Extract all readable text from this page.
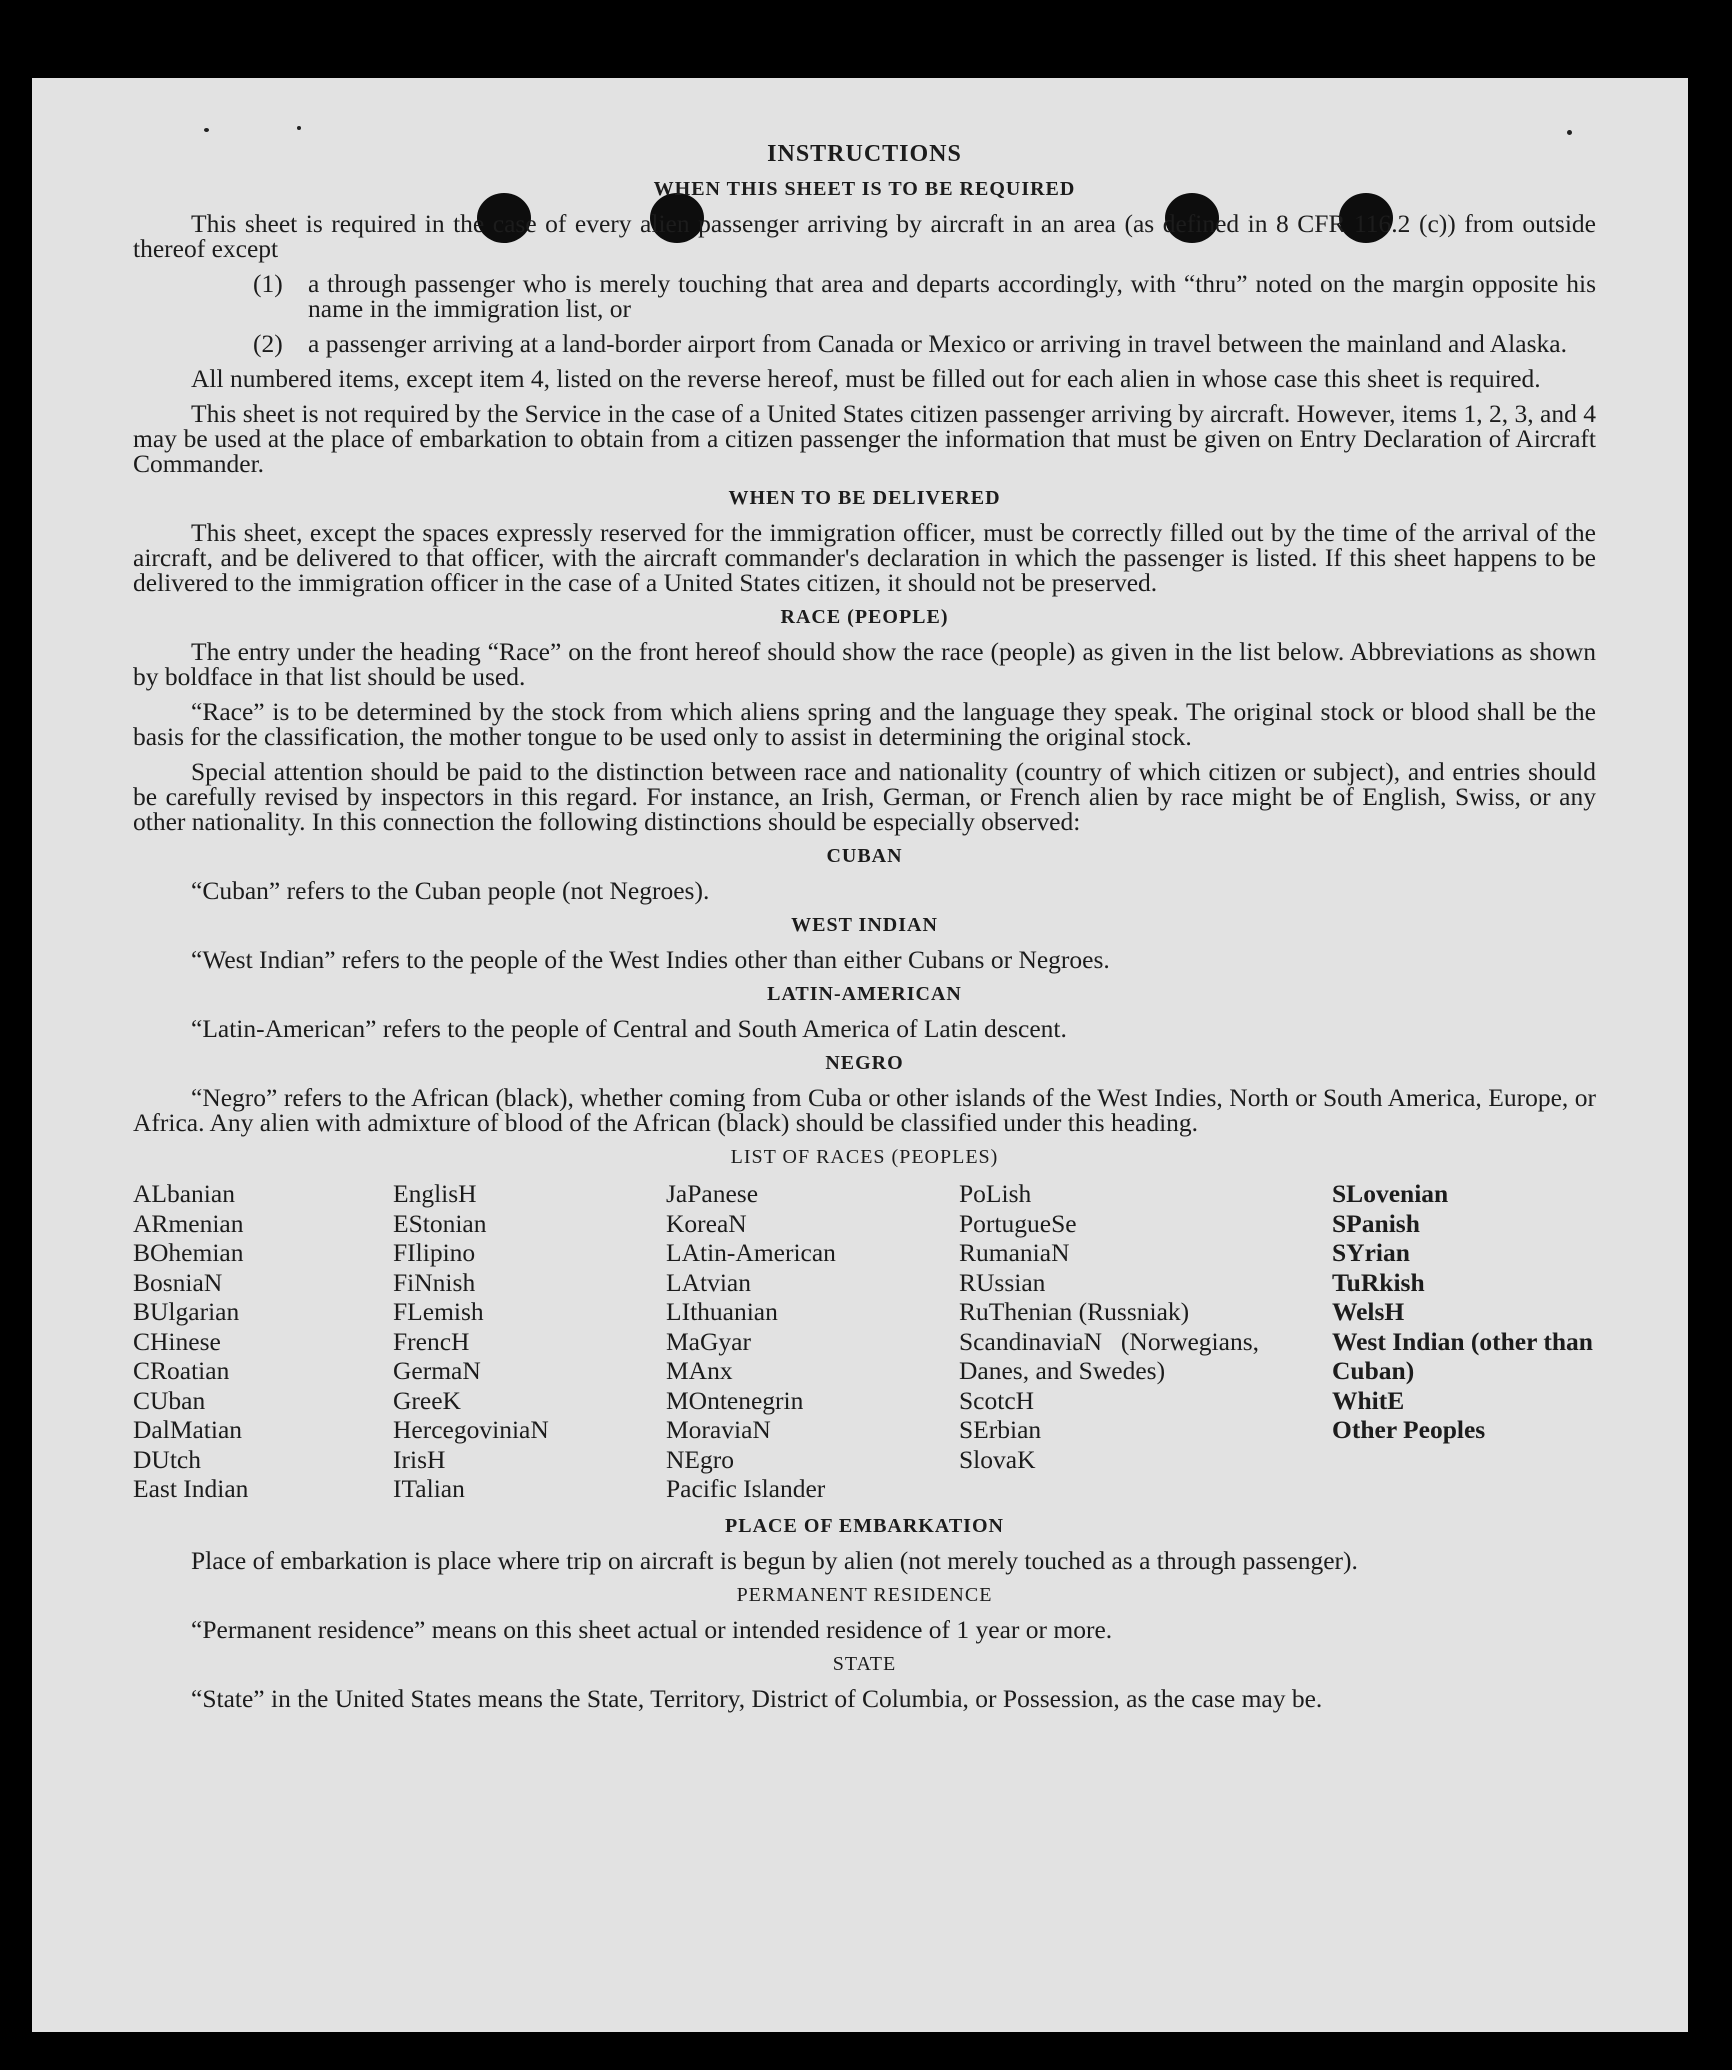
INSTRUCTIONS
WHEN THIS SHEET IS TO BE REQUIRED

This sheet is required in the case of every alien passenger arriving by aircraft in an area (as defined in 8 CFR 116.2 (c)) from outside thereof except

(1) a through passenger who is merely touching that area and departs accordingly, with “thru” noted on the margin opposite his name in the immigration list, or
(2) a passenger arriving at a land-border airport from Canada or Mexico or arriving in travel between the mainland and Alaska.

All numbered items, except item 4, listed on the reverse hereof, must be filled out for each alien in whose case this sheet is required.

This sheet is not required by the Service in the case of a United States citizen passenger arriving by aircraft. However, items 1, 2, 3, and 4 may be used at the place of embarkation to obtain from a citizen passenger the information that must be given on Entry Declaration of Aircraft Commander.

WHEN TO BE DELIVERED

This sheet, except the spaces expressly reserved for the immigration officer, must be correctly filled out by the time of the arrival of the aircraft, and be delivered to that officer, with the aircraft commander's declaration in which the passenger is listed. If this sheet happens to be delivered to the immigration officer in the case of a United States citizen, it should not be preserved.

RACE (PEOPLE)

The entry under the heading “Race” on the front hereof should show the race (people) as given in the list below. Abbreviations as shown by boldface in that list should be used.

“Race” is to be determined by the stock from which aliens spring and the language they speak. The original stock or blood shall be the basis for the classification, the mother tongue to be used only to assist in determining the original stock.

Special attention should be paid to the distinction between race and nationality (country of which citizen or subject), and entries should be carefully revised by inspectors in this regard. For instance, an Irish, German, or French alien by race might be of English, Swiss, or any other nationality. In this connection the following distinctions should be especially observed:

CUBAN

“Cuban” refers to the Cuban people (not Negroes).

WEST INDIAN

“West Indian” refers to the people of the West Indies other than either Cubans or Negroes.

LATIN-AMERICAN

“Latin-American” refers to the people of Central and South America of Latin descent.

NEGRO

“Negro” refers to the African (black), whether coming from Cuba or other islands of the West Indies, North or South America, Europe, or Africa. Any alien with admixture of blood of the African (black) should be classified under this heading.

LIST OF RACES (PEOPLES)
ALbanian
ARmenian
BOhemian
BosniaN
BUlgarian
CHinese
CRoatian
CUban
DalMatian
DUtch
East Indian
EnglisH
EStonian
FIlipino
FiNnish
FLemish
FrencH
GermaN
GreeK
HercegoviniaN
IrisH
ITalian
JaPanese
KoreaN
LAtin-American
LAtvian
LIthuanian
MaGyar
MAnx
MOntenegrin
MoraviaN
NEgro
Pacific Islander
PoLish
PortugueSe
RumaniaN
RUssian
RuThenian (Russniak)
ScandinaviaN (Norwegians, Danes, and Swedes)
ScotcH
SErbian
SlovaK
SLovenian
SPanish
SYrian
TuRkish
WelsH
West Indian (other than Cuban)
WhitE
Other Peoples
PLACE OF EMBARKATION

Place of embarkation is place where trip on aircraft is begun by alien (not merely touched as a through passenger).

PERMANENT RESIDENCE

“Permanent residence” means on this sheet actual or intended residence of 1 year or more.

STATE

“State” in the United States means the State, Territory, District of Columbia, or Possession, as the case may be.
